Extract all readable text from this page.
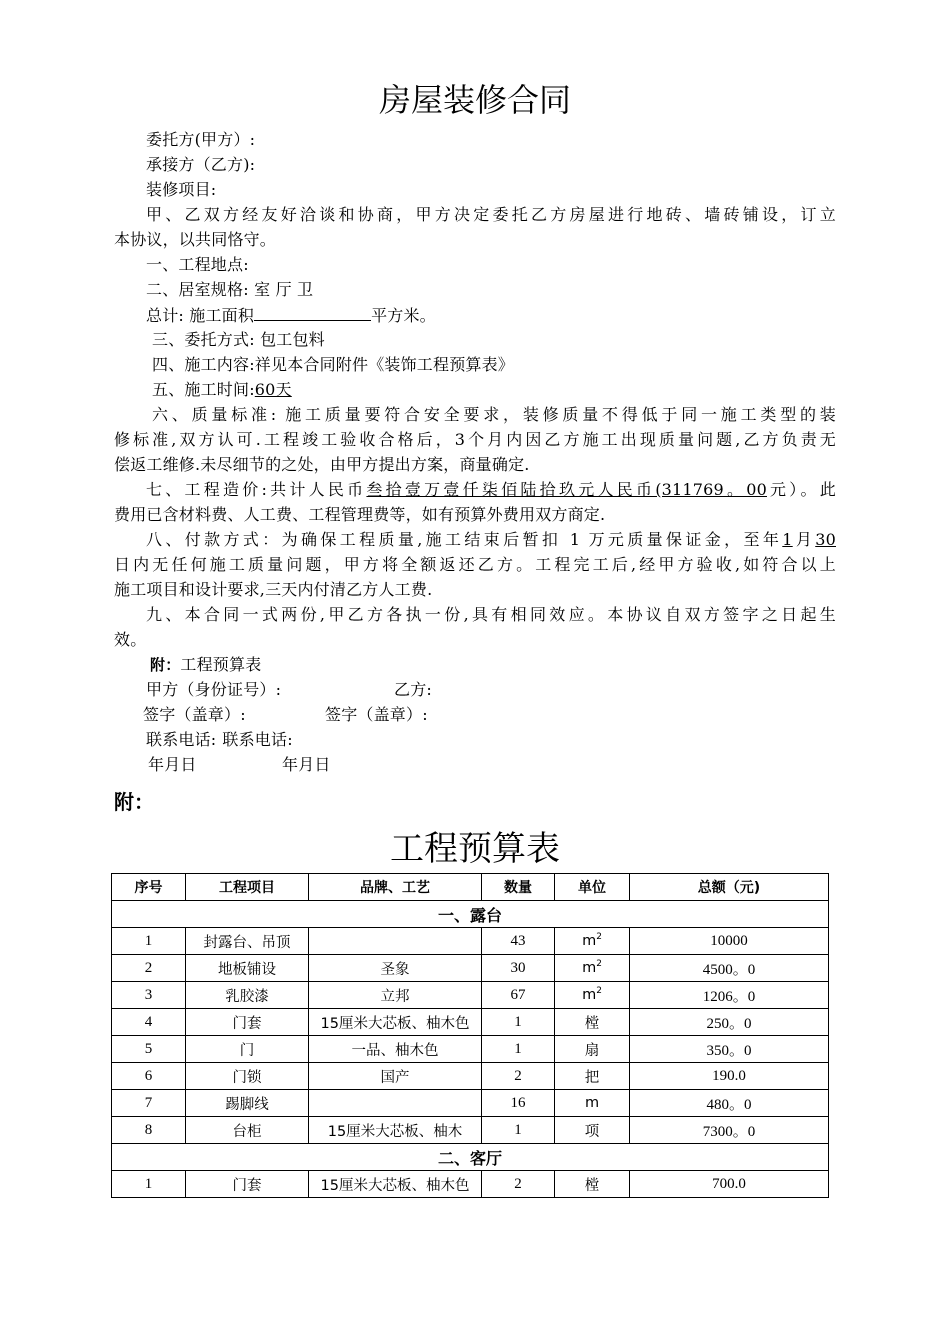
房屋装修合同
委托方(甲方）:
承接方（乙方):
装修项目:
甲、乙双方经友好洽谈和协商，甲方决定委托乙方房屋进行地砖、墙砖铺设，订立
本协议，以共同恪守。
一、工程地点:
二、居室规格: 室 厅 卫
总计: 施工面积	平方米。
三、委托方式: 包工包料
四、施工内容:祥见本合同附件《装饰工程预算表》
五、施工时间:60天
六、质量标准: 施工质量要符合安全要求，装修质量不得低于同一施工类型的装
修标准,双方认可.工程竣工验收合格后，3个月内因乙方施工出现质量问题,乙方负责无
偿返工维修.未尽细节的之处，由甲方提出方案，商量确定.
七、工程造价:共计人民币叁拾壹万壹仟柒佰陆拾玖元人民币(311769。00元）。此
费用已含材料费、人工费、工程管理费等，如有预算外费用双方商定.
八、付款方式：为确保工程质量,施工结束后暂扣 1 万元质量保证金，至年1月30
日内无任何施工质量问题，甲方将全额返还乙方。工程完工后,经甲方验收,如符合以上
施工项目和设计要求,三天内付清乙方人工费.
九、本合同一式两份,甲乙方各执一份,具有相同效应。本协议自双方签字之日起生
效。
附：工程预算表
甲方（身份证号）:	乙方:
签字（盖章）:	签字（盖章）:
联系电话: 联系电话:
年月日	年月日
附：
工程预算表
序号	工程项目	品牌、工艺	数量	单位	总额（元)
一、露台					
1	封露台、吊顶		43	$m^2$	10000
2	地板铺设	圣象	30	$m^2$	4500。0
3	乳胶漆	立邦	67	$m^2$	1206。0
4	门套	15厘米大芯板、柚木色	1	樘	250。0
5	门	一品、柚木色	1	扇	350。0
6	门锁	国产	2	把	190.0
7	踢脚线		16	m	480。0
8	台柜	15厘米大芯板、柚木	1	项	7300。0
二、客厅					
1	门套	15厘米大芯板、柚木色	2	樘	700.0
